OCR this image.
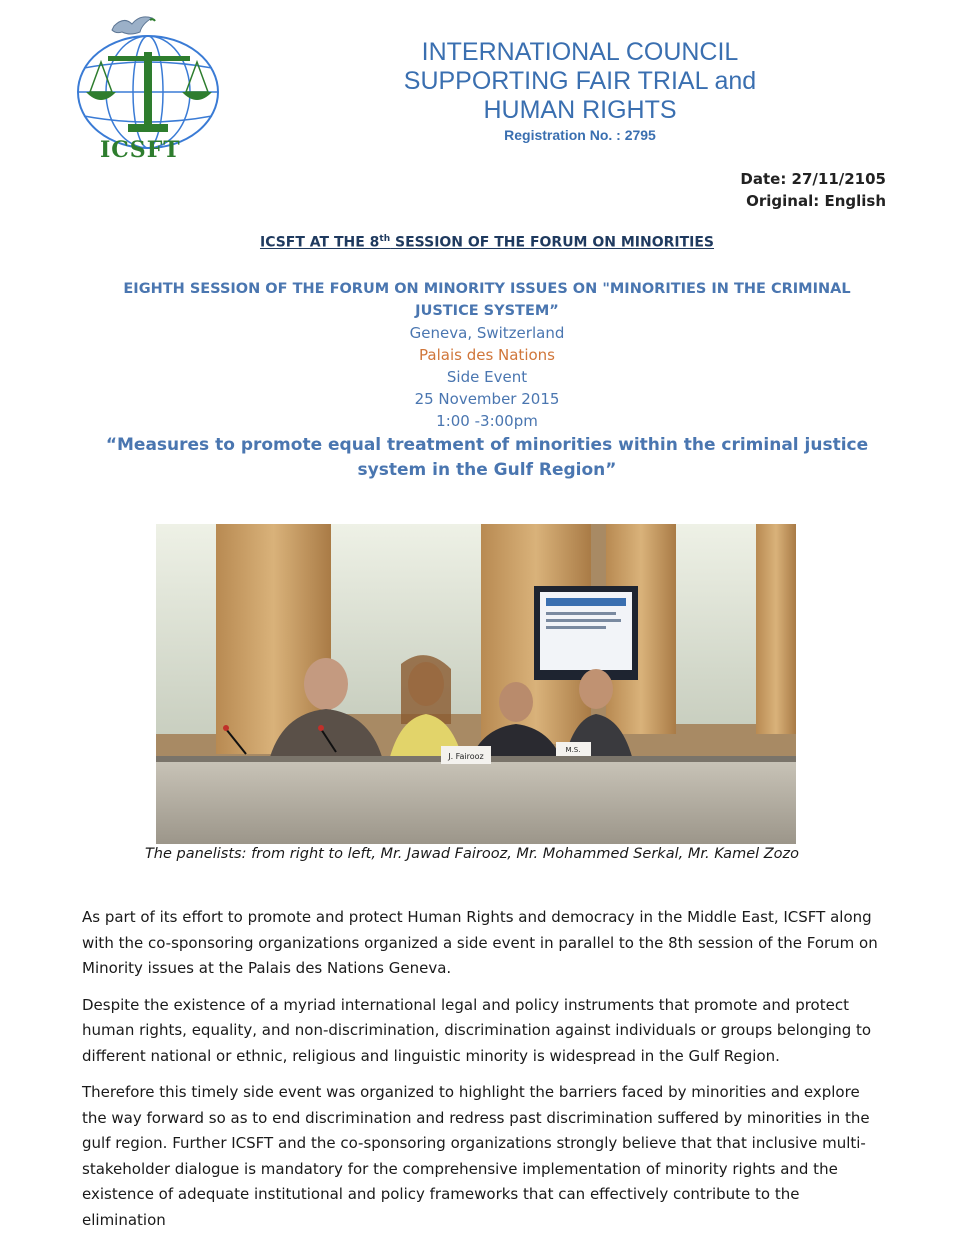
ICSFT
INTERNATIONAL COUNCIL
SUPPORTING FAIR TRIAL and
HUMAN RIGHTS
Registration No. : 2795
Date: 27/11/2105
Original: English
ICSFT AT THE 8th SESSION OF THE FORUM ON MINORITIES
EIGHTH SESSION OF THE FORUM ON MINORITY ISSUES ON "MINORITIES IN THE CRIMINAL JUSTICE SYSTEM”
Geneva, Switzerland
Palais des Nations
Side Event
25 November 2015
1:00 -3:00pm
“Measures to promote equal treatment of minorities within the criminal justice system in the Gulf Region”
J. Fairooz
M.S.
The panelists: from right to left, Mr. Jawad Fairooz, Mr. Mohammed Serkal, Mr. Kamel Zozo

As part of its effort to promote and protect Human Rights and democracy in the Middle East, ICSFT along with the co-sponsoring organizations organized a side event in parallel to the 8th session of the Forum on Minority issues at the Palais des Nations Geneva.

Despite the existence of a myriad international legal and policy instruments that promote and protect human rights, equality, and non-discrimination, discrimination against individuals or groups belonging to different national or ethnic, religious and linguistic minority is widespread in the Gulf Region.

Therefore this timely side event was organized to highlight the barriers faced by minorities and explore the way forward so as to end discrimination and redress past discrimination suffered by minorities in the gulf region. Further ICSFT and the co-sponsoring organizations strongly believe that that inclusive multi-stakeholder dialogue is mandatory for the comprehensive implementation of minority rights and the existence of adequate institutional and policy frameworks that can effectively contribute to the elimination
